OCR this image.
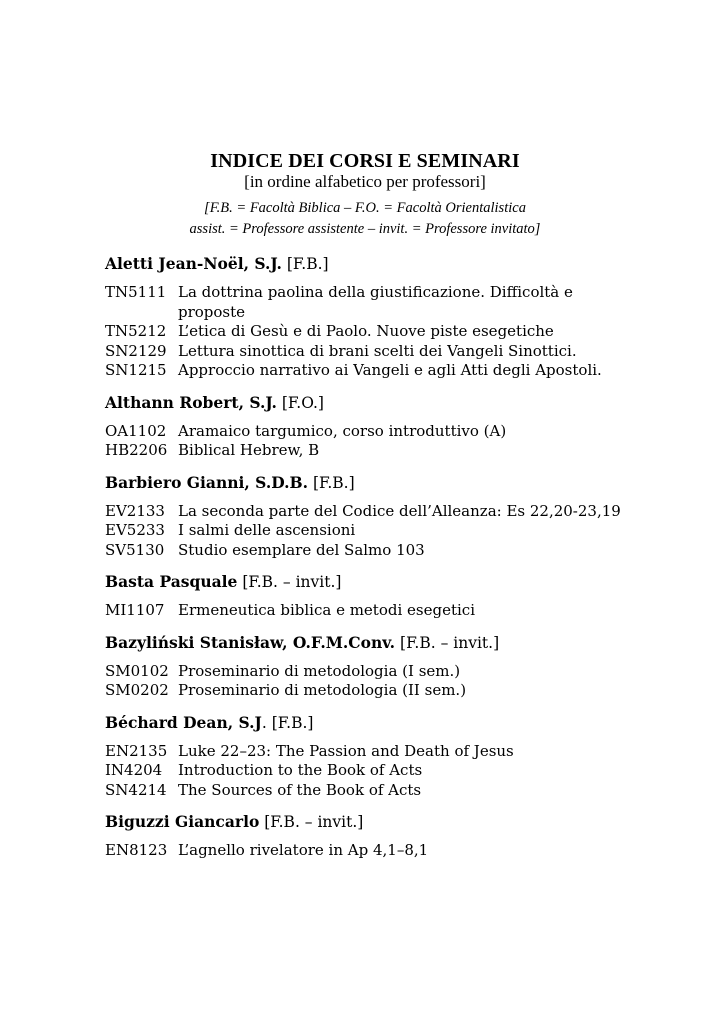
INDICE DEI CORSI E SEMINARI
[in ordine alfabetico per professori]
[F.B. = Facoltà Biblica – F.O. = Facoltà Orientalistica
assist. = Professore assistente – invit. = Professore invitato]
Aletti Jean-Noël, S.J. [F.B.]
TN5111 La dottrina paolina della giustificazione. Difficoltà e proposte
TN5212 L’etica di Gesù e di Paolo. Nuove piste esegetiche
SN2129 Lettura sinottica di brani scelti dei Vangeli Sinottici.
SN1215 Approccio narrativo ai Vangeli e agli Atti degli Apostoli.
Althann Robert, S.J. [F.O.]
OA1102 Aramaico targumico, corso introduttivo (A)
HB2206 Biblical Hebrew, B
Barbiero Gianni, S.D.B. [F.B.]
EV2133 La seconda parte del Codice dell’Alleanza: Es 22,20-23,19
EV5233 I salmi delle ascensioni
SV5130 Studio esemplare del Salmo 103
Basta Pasquale [F.B. – invit.]
MI1107 Ermeneutica biblica e metodi esegetici
Bazyliński Stanisław, O.F.M.Conv. [F.B. – invit.]
SM0102 Proseminario di metodologia (I sem.)
SM0202 Proseminario di metodologia (II sem.)
Béchard Dean, S.J. [F.B.]
EN2135 Luke 22–23: The Passion and Death of Jesus
IN4204	Introduction to the Book of Acts
SN4214 The Sources of the Book of Acts
Biguzzi Giancarlo [F.B. – invit.]
EN8123 L’agnello rivelatore in Ap 4,1–8,1
